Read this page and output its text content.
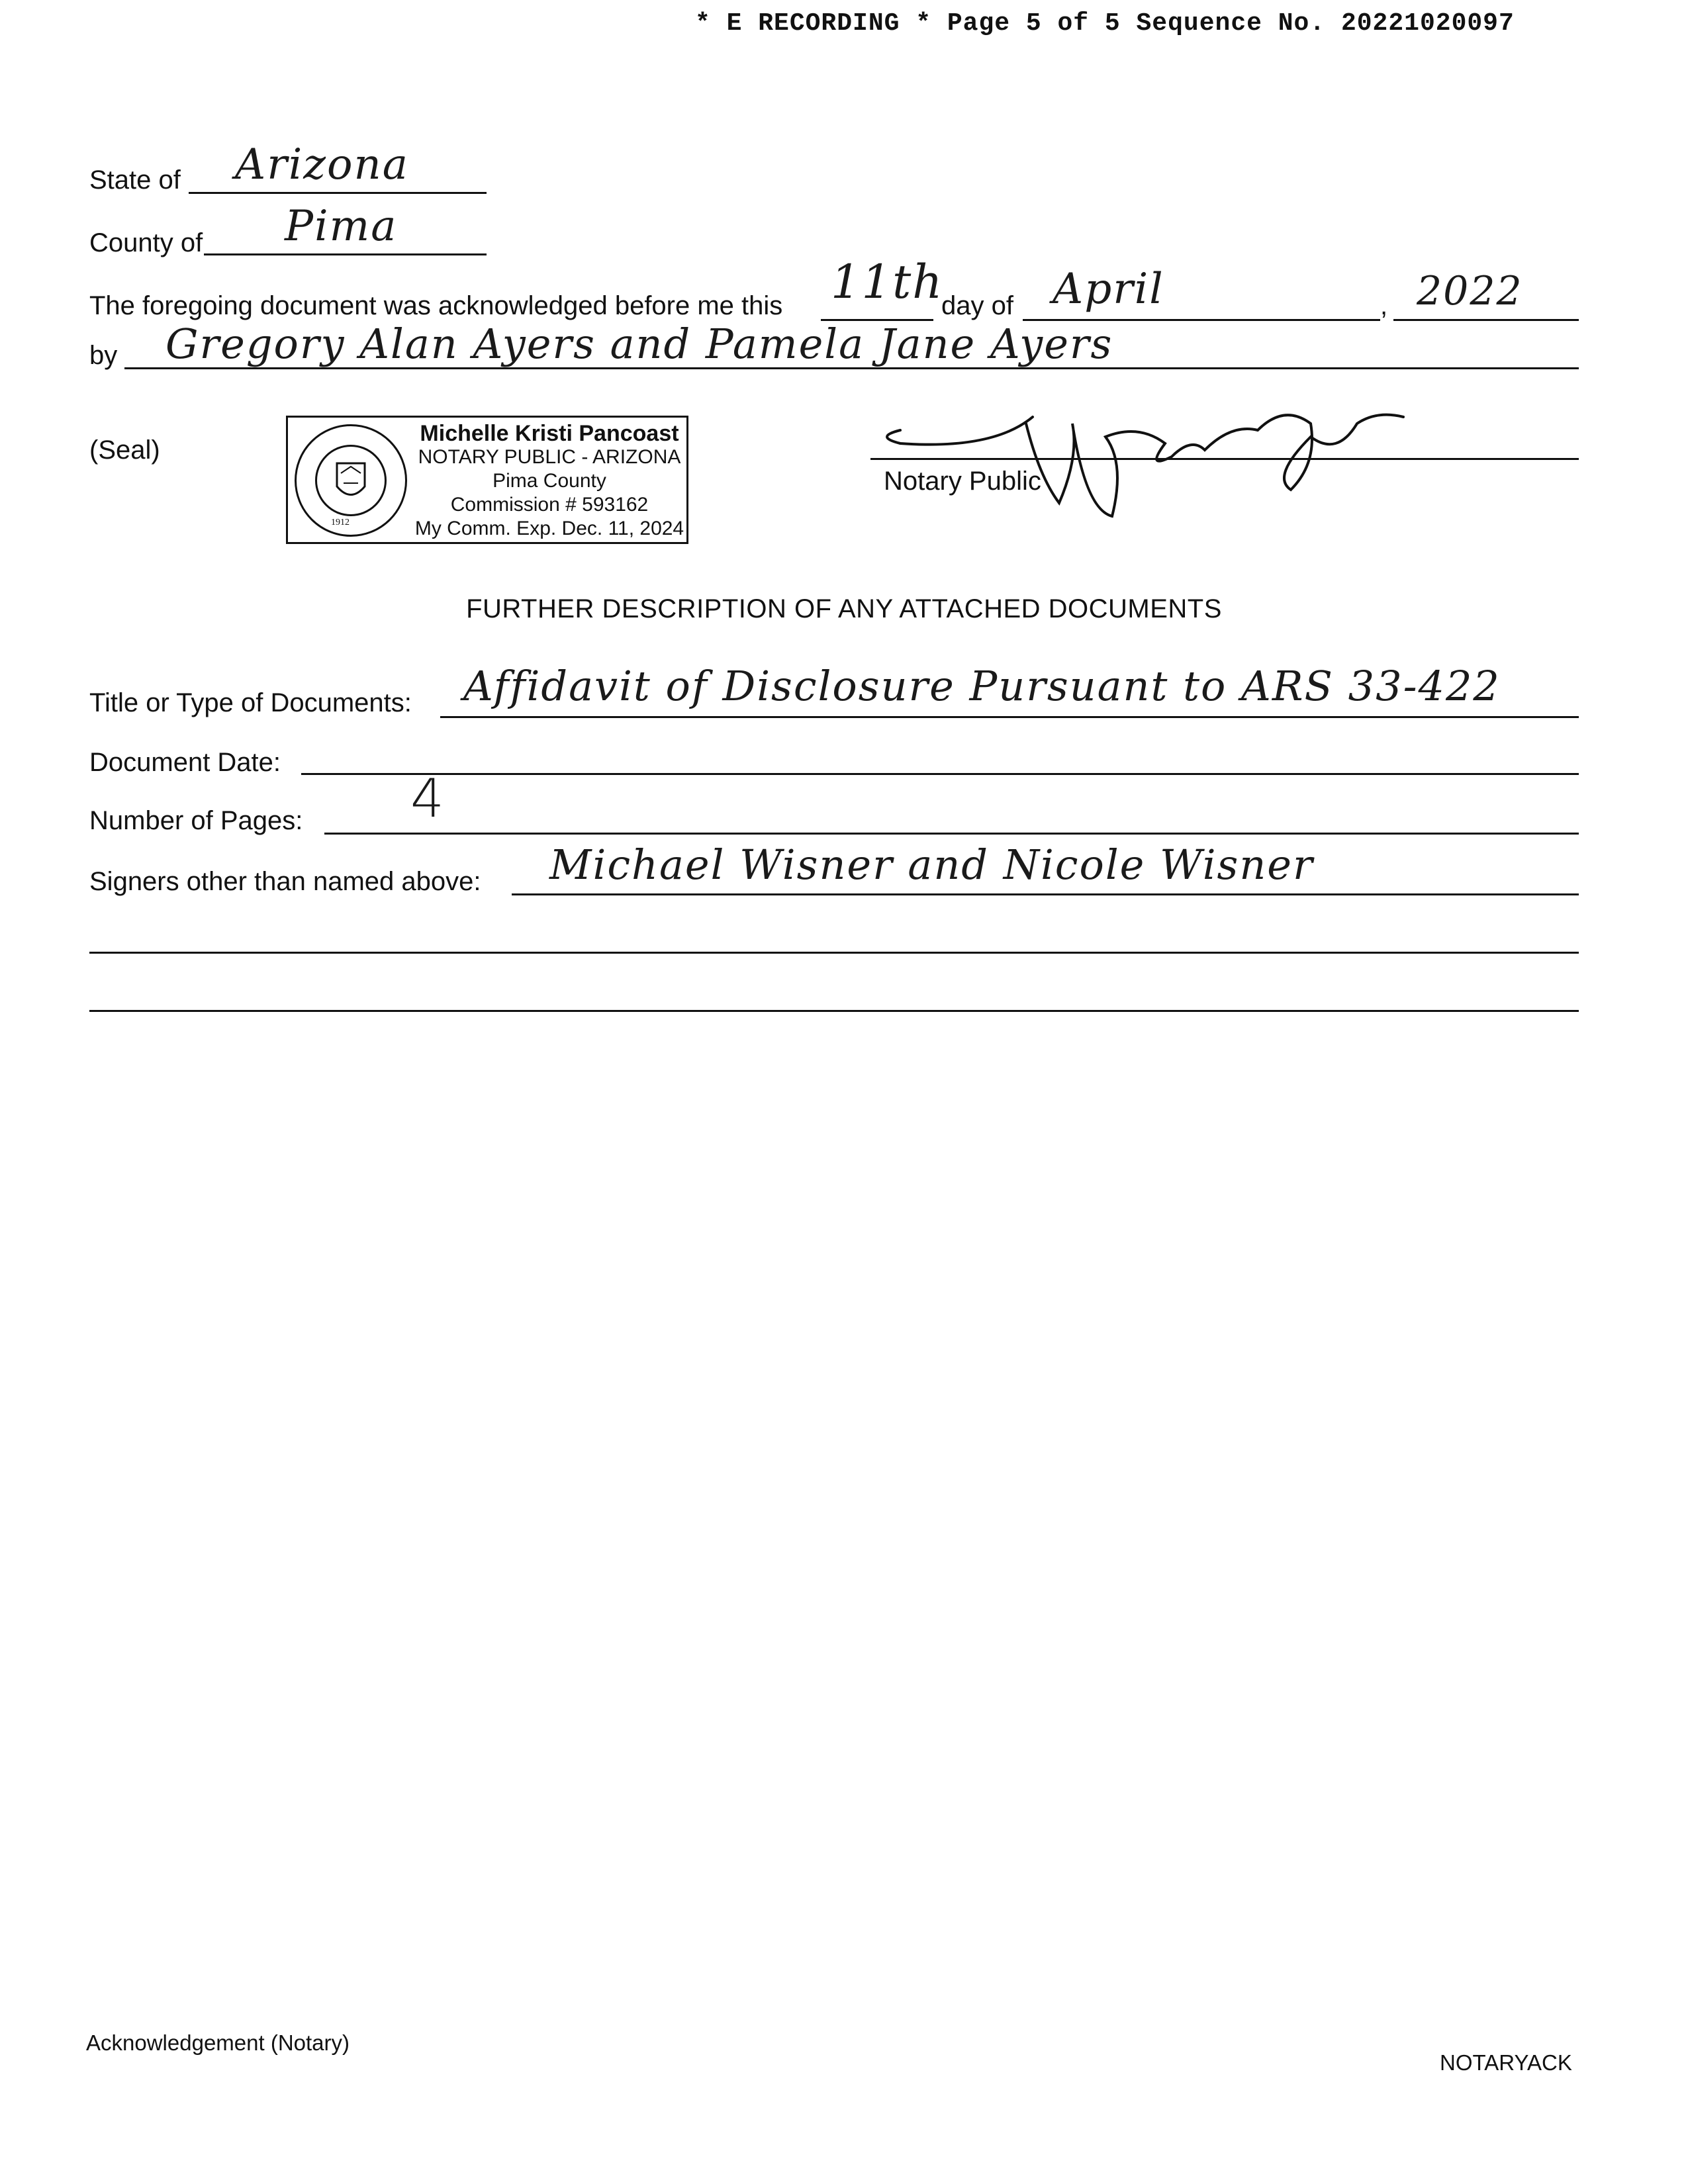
* E RECORDING * Page 5 of 5 Sequence No. 20221020097
State of Arizona
County of Pima
The foregoing document was acknowledged before me this 11th
day of April	, 2022
by Gregory Alan Ayers and Pamela Jane Ayers
(Seal)
1912
Michelle Kristi Pancoast
NOTARY PUBLIC - ARIZONA
Pima County
Commission # 593162
My Comm. Exp. Dec. 11, 2024
Notary Public
FURTHER DESCRIPTION OF ANY ATTACHED DOCUMENTS
Title or Type of Documents: Affidavit of Disclosure Pursuant to ARS 33-422
Document Date:
Number of Pages: 4
Signers other than named above: Michael Wisner and Nicole Wisner
Acknowledgement (Notary)
NOTARYACK
